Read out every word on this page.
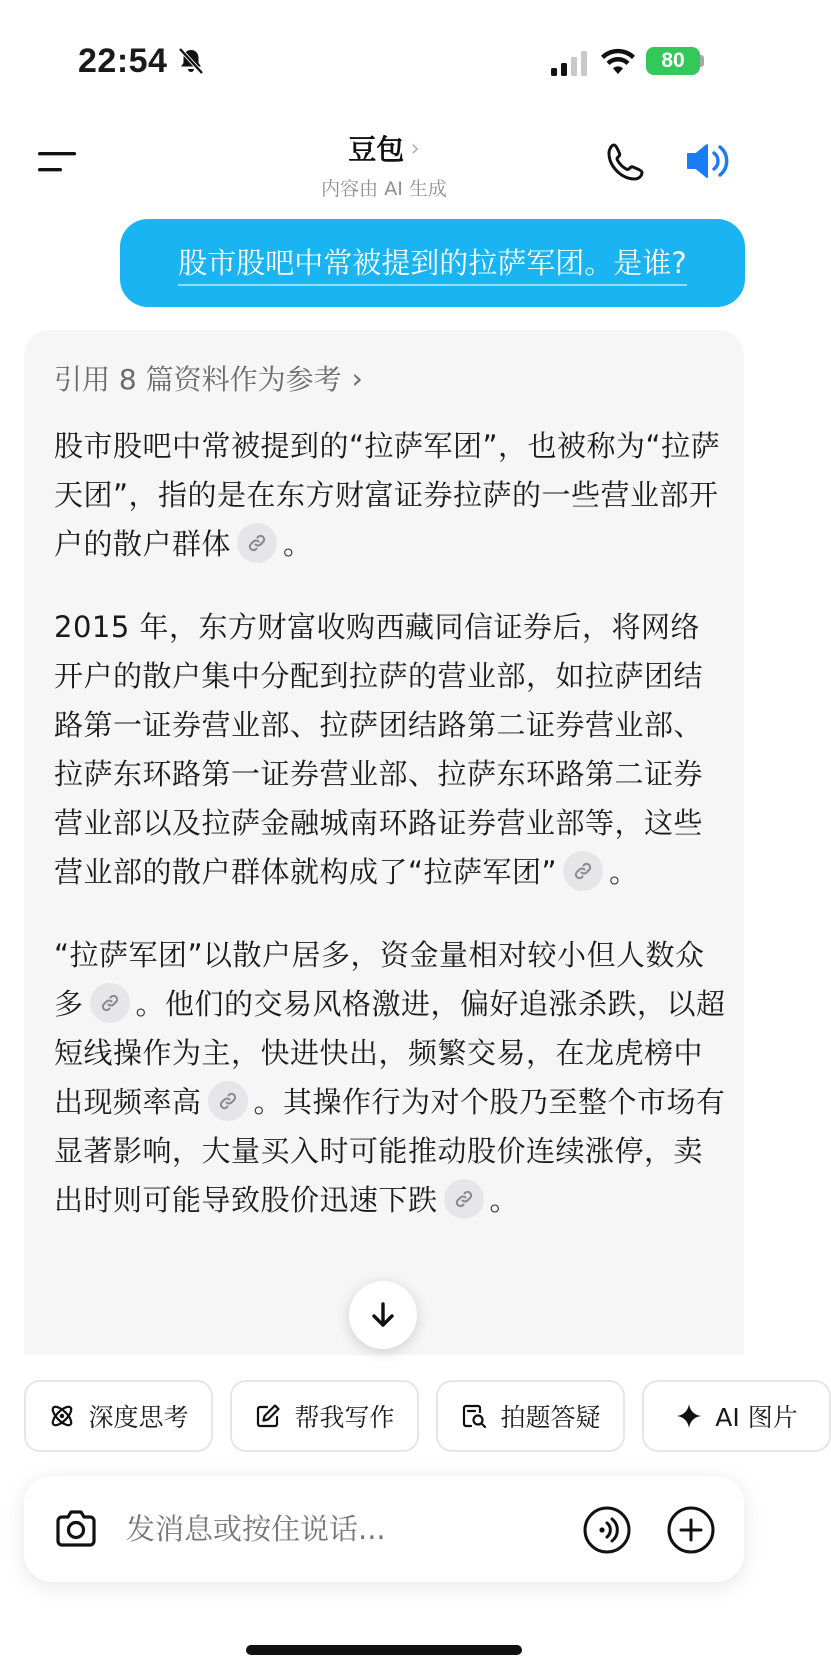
22:54	80
豆包 ›
内容由 AI 生成
股市股吧中常被提到的拉萨军团。是谁?
引用 8 篇资料作为参考 ›

股市股吧中常被提到的“拉萨军团”，也被称为“拉萨天团”，指的是在东方财富证券拉萨的一些营业部开户的散户群体 。

2015 年，东方财富收购西藏同信证券后，将网络开户的散户集中分配到拉萨的营业部，如拉萨团结路第一证券营业部、拉萨团结路第二证券营业部、拉萨东环路第一证券营业部、拉萨东环路第二证券营业部以及拉萨金融城南环路证券营业部等，这些营业部的散户群体就构成了“拉萨军团” 。

“拉萨军团”以散户居多，资金量相对较小但人数众多 。他们的交易风格激进，偏好追涨杀跌，以超短线操作为主，快进快出，频繁交易，在龙虎榜中出现频率高 。其操作行为对个股乃至整个市场有显著影响，大量买入时可能推动股价连续涨停，卖出时则可能导致股价迅速下跌 。

深度思考	帮我写作	拍题答疑	AI 图片
发消息或按住说话...
